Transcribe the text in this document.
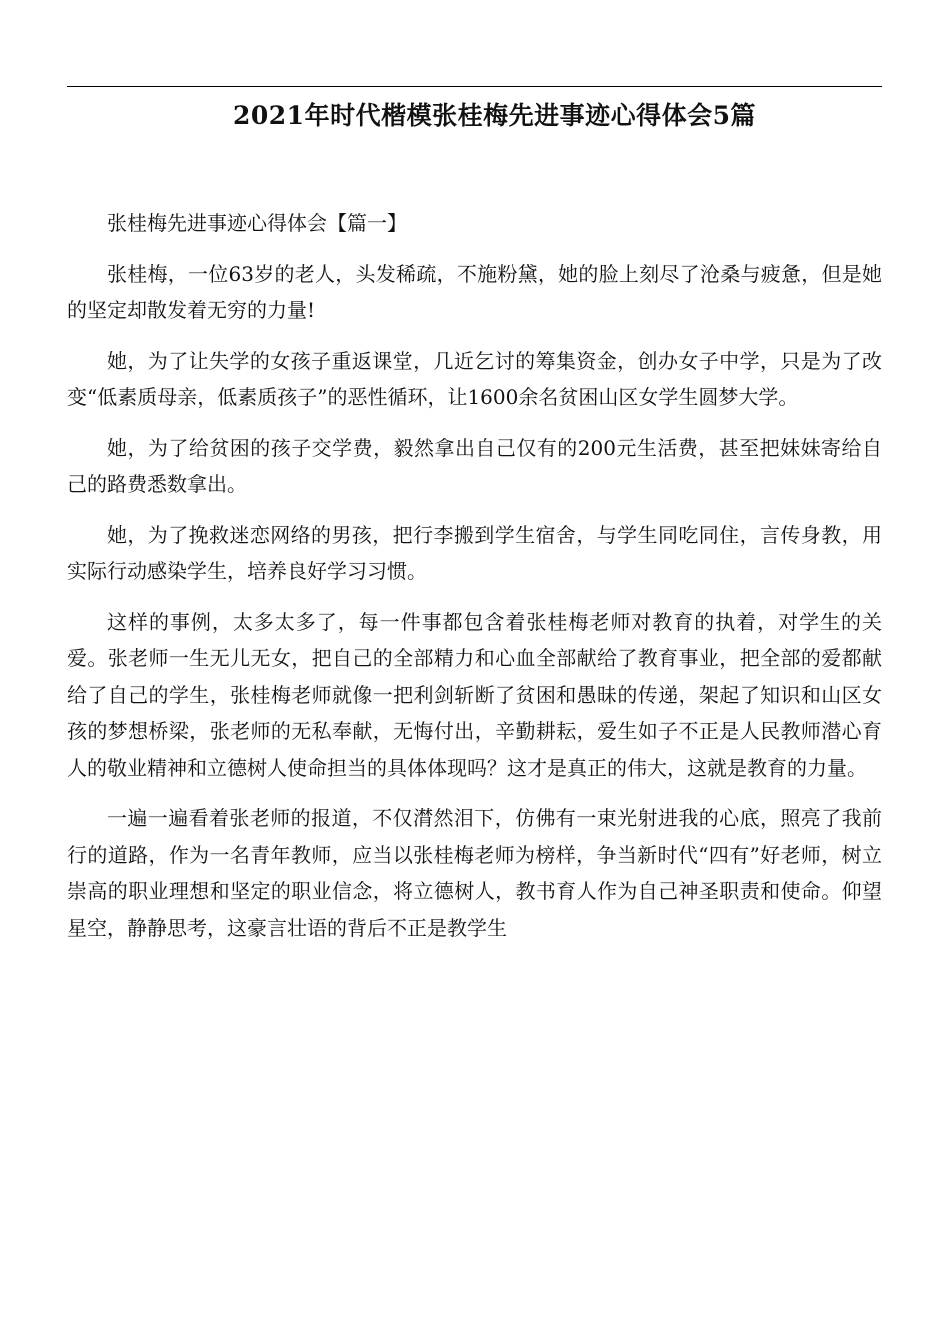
2021年时代楷模张桂梅先进事迹心得体会5篇

张桂梅先进事迹心得体会【篇一】

张桂梅，一位63岁的老人，头发稀疏，不施粉黛，她的脸上刻尽了沧桑与疲惫，但是她的坚定却散发着无穷的力量!

她，为了让失学的女孩子重返课堂，几近乞讨的筹集资金，创办女子中学，只是为了改变“低素质母亲，低素质孩子”的恶性循环，让1600余名贫困山区女学生圆梦大学。

她，为了给贫困的孩子交学费，毅然拿出自己仅有的200元生活费，甚至把妹妹寄给自己的路费悉数拿出。

她，为了挽救迷恋网络的男孩，把行李搬到学生宿舍，与学生同吃同住，言传身教，用实际行动感染学生，培养良好学习习惯。

这样的事例，太多太多了，每一件事都包含着张桂梅老师对教育的执着，对学生的关爱。张老师一生无儿无女，把自己的全部精力和心血全部献给了教育事业，把全部的爱都献给了自己的学生，张桂梅老师就像一把利剑斩断了贫困和愚昧的传递，架起了知识和山区女孩的梦想桥梁，张老师的无私奉献，无悔付出，辛勤耕耘，爱生如子不正是人民教师潜心育人的敬业精神和立德树人使命担当的具体体现吗？这才是真正的伟大，这就是教育的力量。

一遍一遍看着张老师的报道，不仅潸然泪下，仿佛有一束光射进我的心底，照亮了我前行的道路，作为一名青年教师，应当以张桂梅老师为榜样，争当新时代“四有”好老师，树立崇高的职业理想和坚定的职业信念，将立德树人，教书育人作为自己神圣职责和使命。仰望星空，静静思考，这豪言壮语的背后不正是教学生
